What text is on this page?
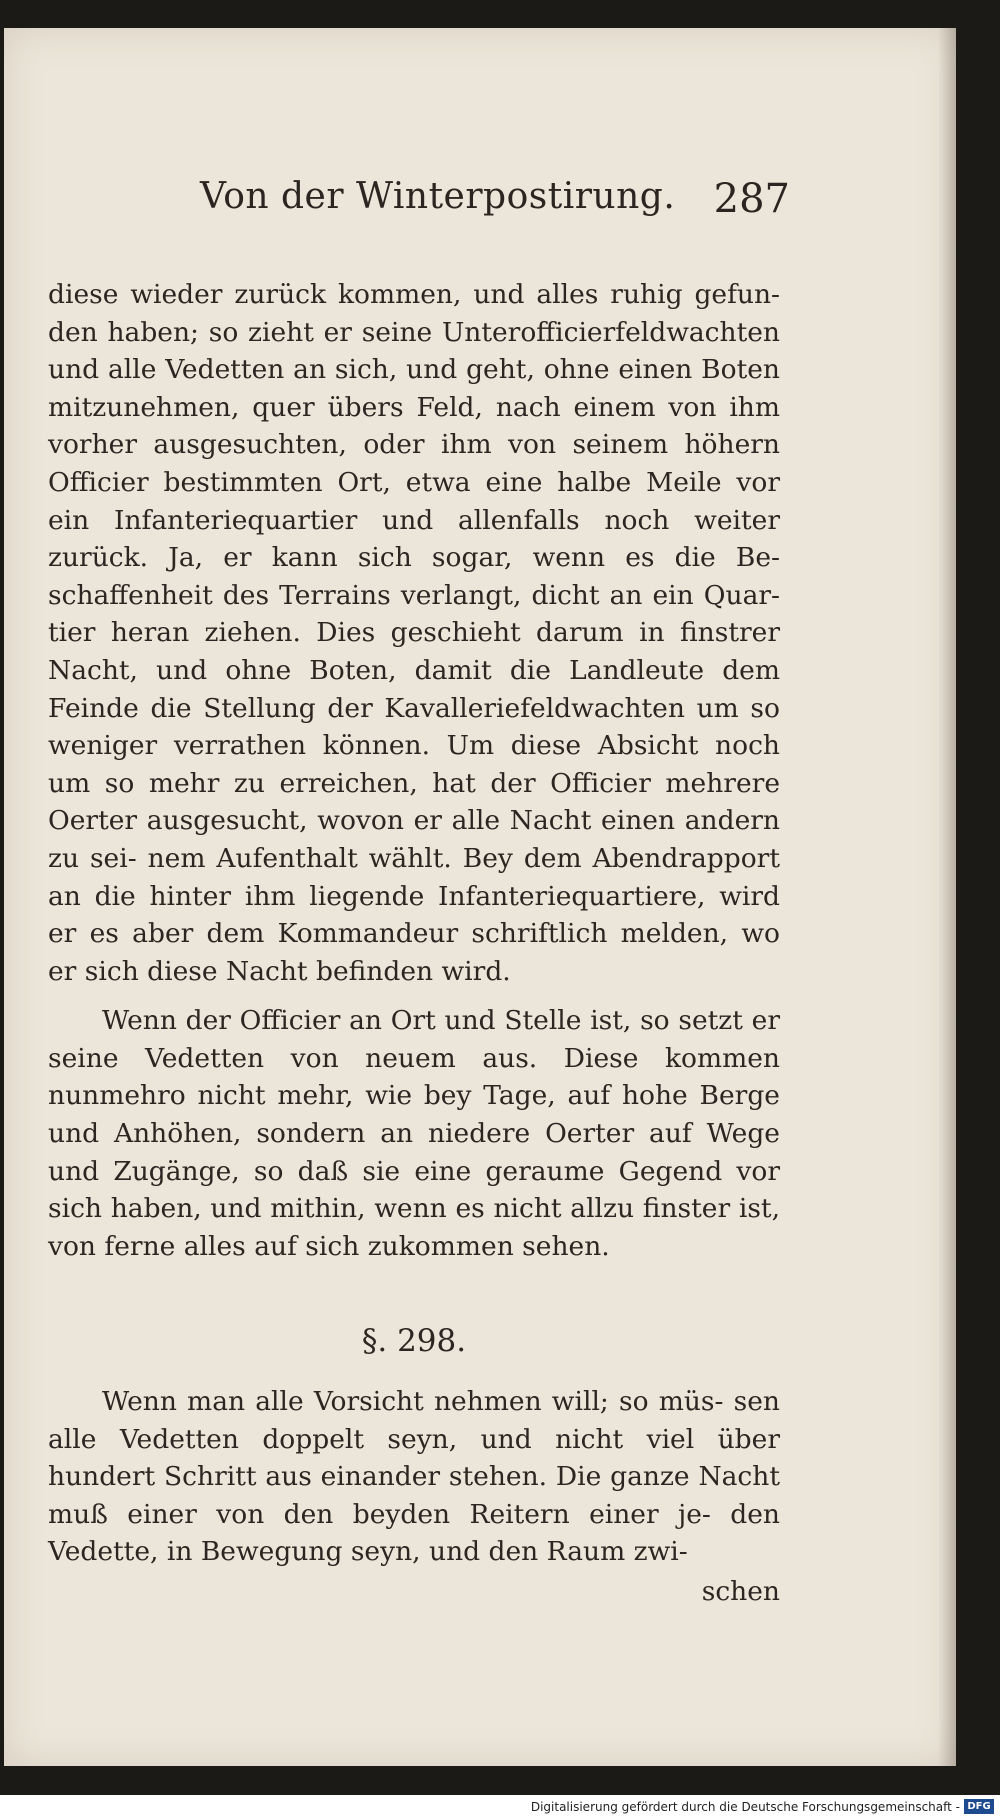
Von der Winterpostirung. 287

diese wieder zurück kommen, und alles ruhig gefun- den haben; so zieht er seine Unterofficierfeldwachten und alle Vedetten an sich, und geht, ohne einen Boten mitzunehmen, quer übers Feld, nach einem von ihm vorher ausgesuchten, oder ihm von seinem höhern Officier bestimmten Ort, etwa eine halbe Meile vor ein Infanteriequartier und allenfalls noch weiter zurück. Ja, er kann sich sogar, wenn es die Be- schaffenheit des Terrains verlangt, dicht an ein Quar- tier heran ziehen. Dies geschieht darum in finstrer Nacht, und ohne Boten, damit die Landleute dem Feinde die Stellung der Kavalleriefeldwachten um so weniger verrathen können. Um diese Absicht noch um so mehr zu erreichen, hat der Officier mehrere Oerter ausgesucht, wovon er alle Nacht einen andern zu sei- nem Aufenthalt wählt. Bey dem Abendrapport an die hinter ihm liegende Infanteriequartiere, wird er es aber dem Kommandeur schriftlich melden, wo er sich diese Nacht befinden wird.

Wenn der Officier an Ort und Stelle ist, so setzt er seine Vedetten von neuem aus. Diese kommen nunmehro nicht mehr, wie bey Tage, auf hohe Berge und Anhöhen, sondern an niedere Oerter auf Wege und Zugänge, so daß sie eine geraume Gegend vor sich haben, und mithin, wenn es nicht allzu finster ist, von ferne alles auf sich zukommen sehen.

§. 298.

Wenn man alle Vorsicht nehmen will; so müs- sen alle Vedetten doppelt seyn, und nicht viel über hundert Schritt aus einander stehen. Die ganze Nacht muß einer von den beyden Reitern einer je- den Vedette, in Bewegung seyn, und den Raum zwi-

schen
Digitalisierung gefördert durch die Deutsche Forschungsgemeinschaft - DFG
